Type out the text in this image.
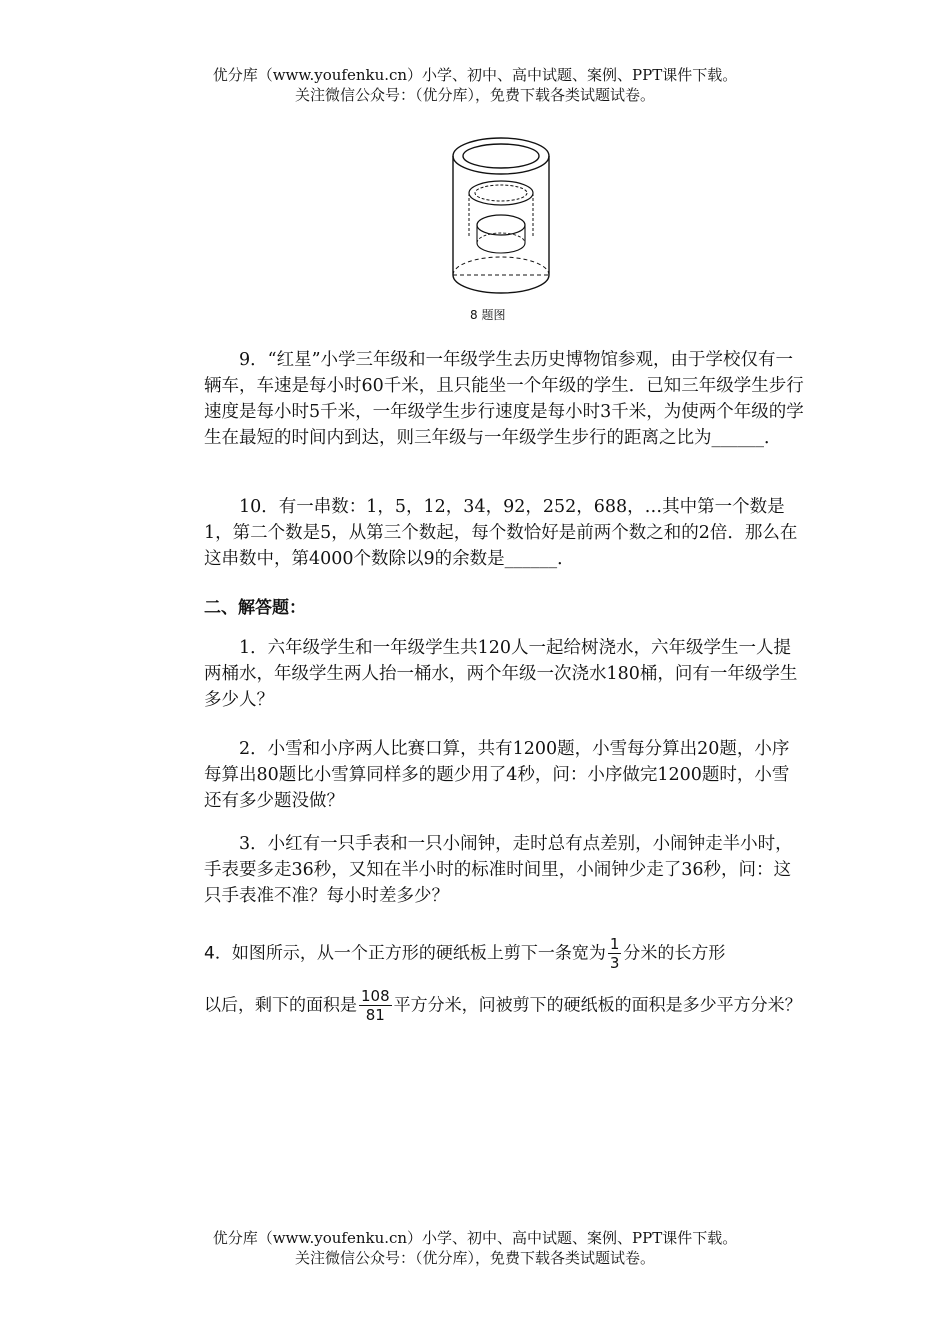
优分库（www.youfenku.cn）小学、初中、高中试题、案例、PPT课件下载。
关注微信公众号：（优分库），免费下载各类试题试卷。
8 题图
9．“红星”小学三年级和一年级学生去历史博物馆参观，由于学校仅有一辆车，车速是每小时60千米，且只能坐一个年级的学生．已知三年级学生步行速度是每小时5千米，一年级学生步行速度是每小时3千米，为使两个年级的学生在最短的时间内到达，则三年级与一年级学生步行的距离之比为______．
10．有一串数：1，5，12，34，92，252，688，…其中第一个数是1，第二个数是5，从第三个数起，每个数恰好是前两个数之和的2倍．那么在这串数中，第4000个数除以9的余数是______．
二、解答题：
1．六年级学生和一年级学生共120人一起给树浇水，六年级学生一人提两桶水，年级学生两人抬一桶水，两个年级一次浇水180桶，问有一年级学生多少人？
2．小雪和小序两人比赛口算，共有1200题，小雪每分算出20题，小序每算出80题比小雪算同样多的题少用了4秒，问：小序做完1200题时，小雪还有多少题没做？
3．小红有一只手表和一只小闹钟，走时总有点差别，小闹钟走半小时，手表要多走36秒，又知在半小时的标准时间里，小闹钟少走了36秒，问：这只手表准不准？每小时差多少？
4．如图所示，从一个正方形的硬纸板上剪下一条宽为 $\frac{1}{3}$ 分米的长方形
以后，剩下的面积是 $\frac{108}{81}$ 平方分米，问被剪下的硬纸板的面积是多少平方分米？
优分库（www.youfenku.cn）小学、初中、高中试题、案例、PPT课件下载。
关注微信公众号：（优分库），免费下载各类试题试卷。
